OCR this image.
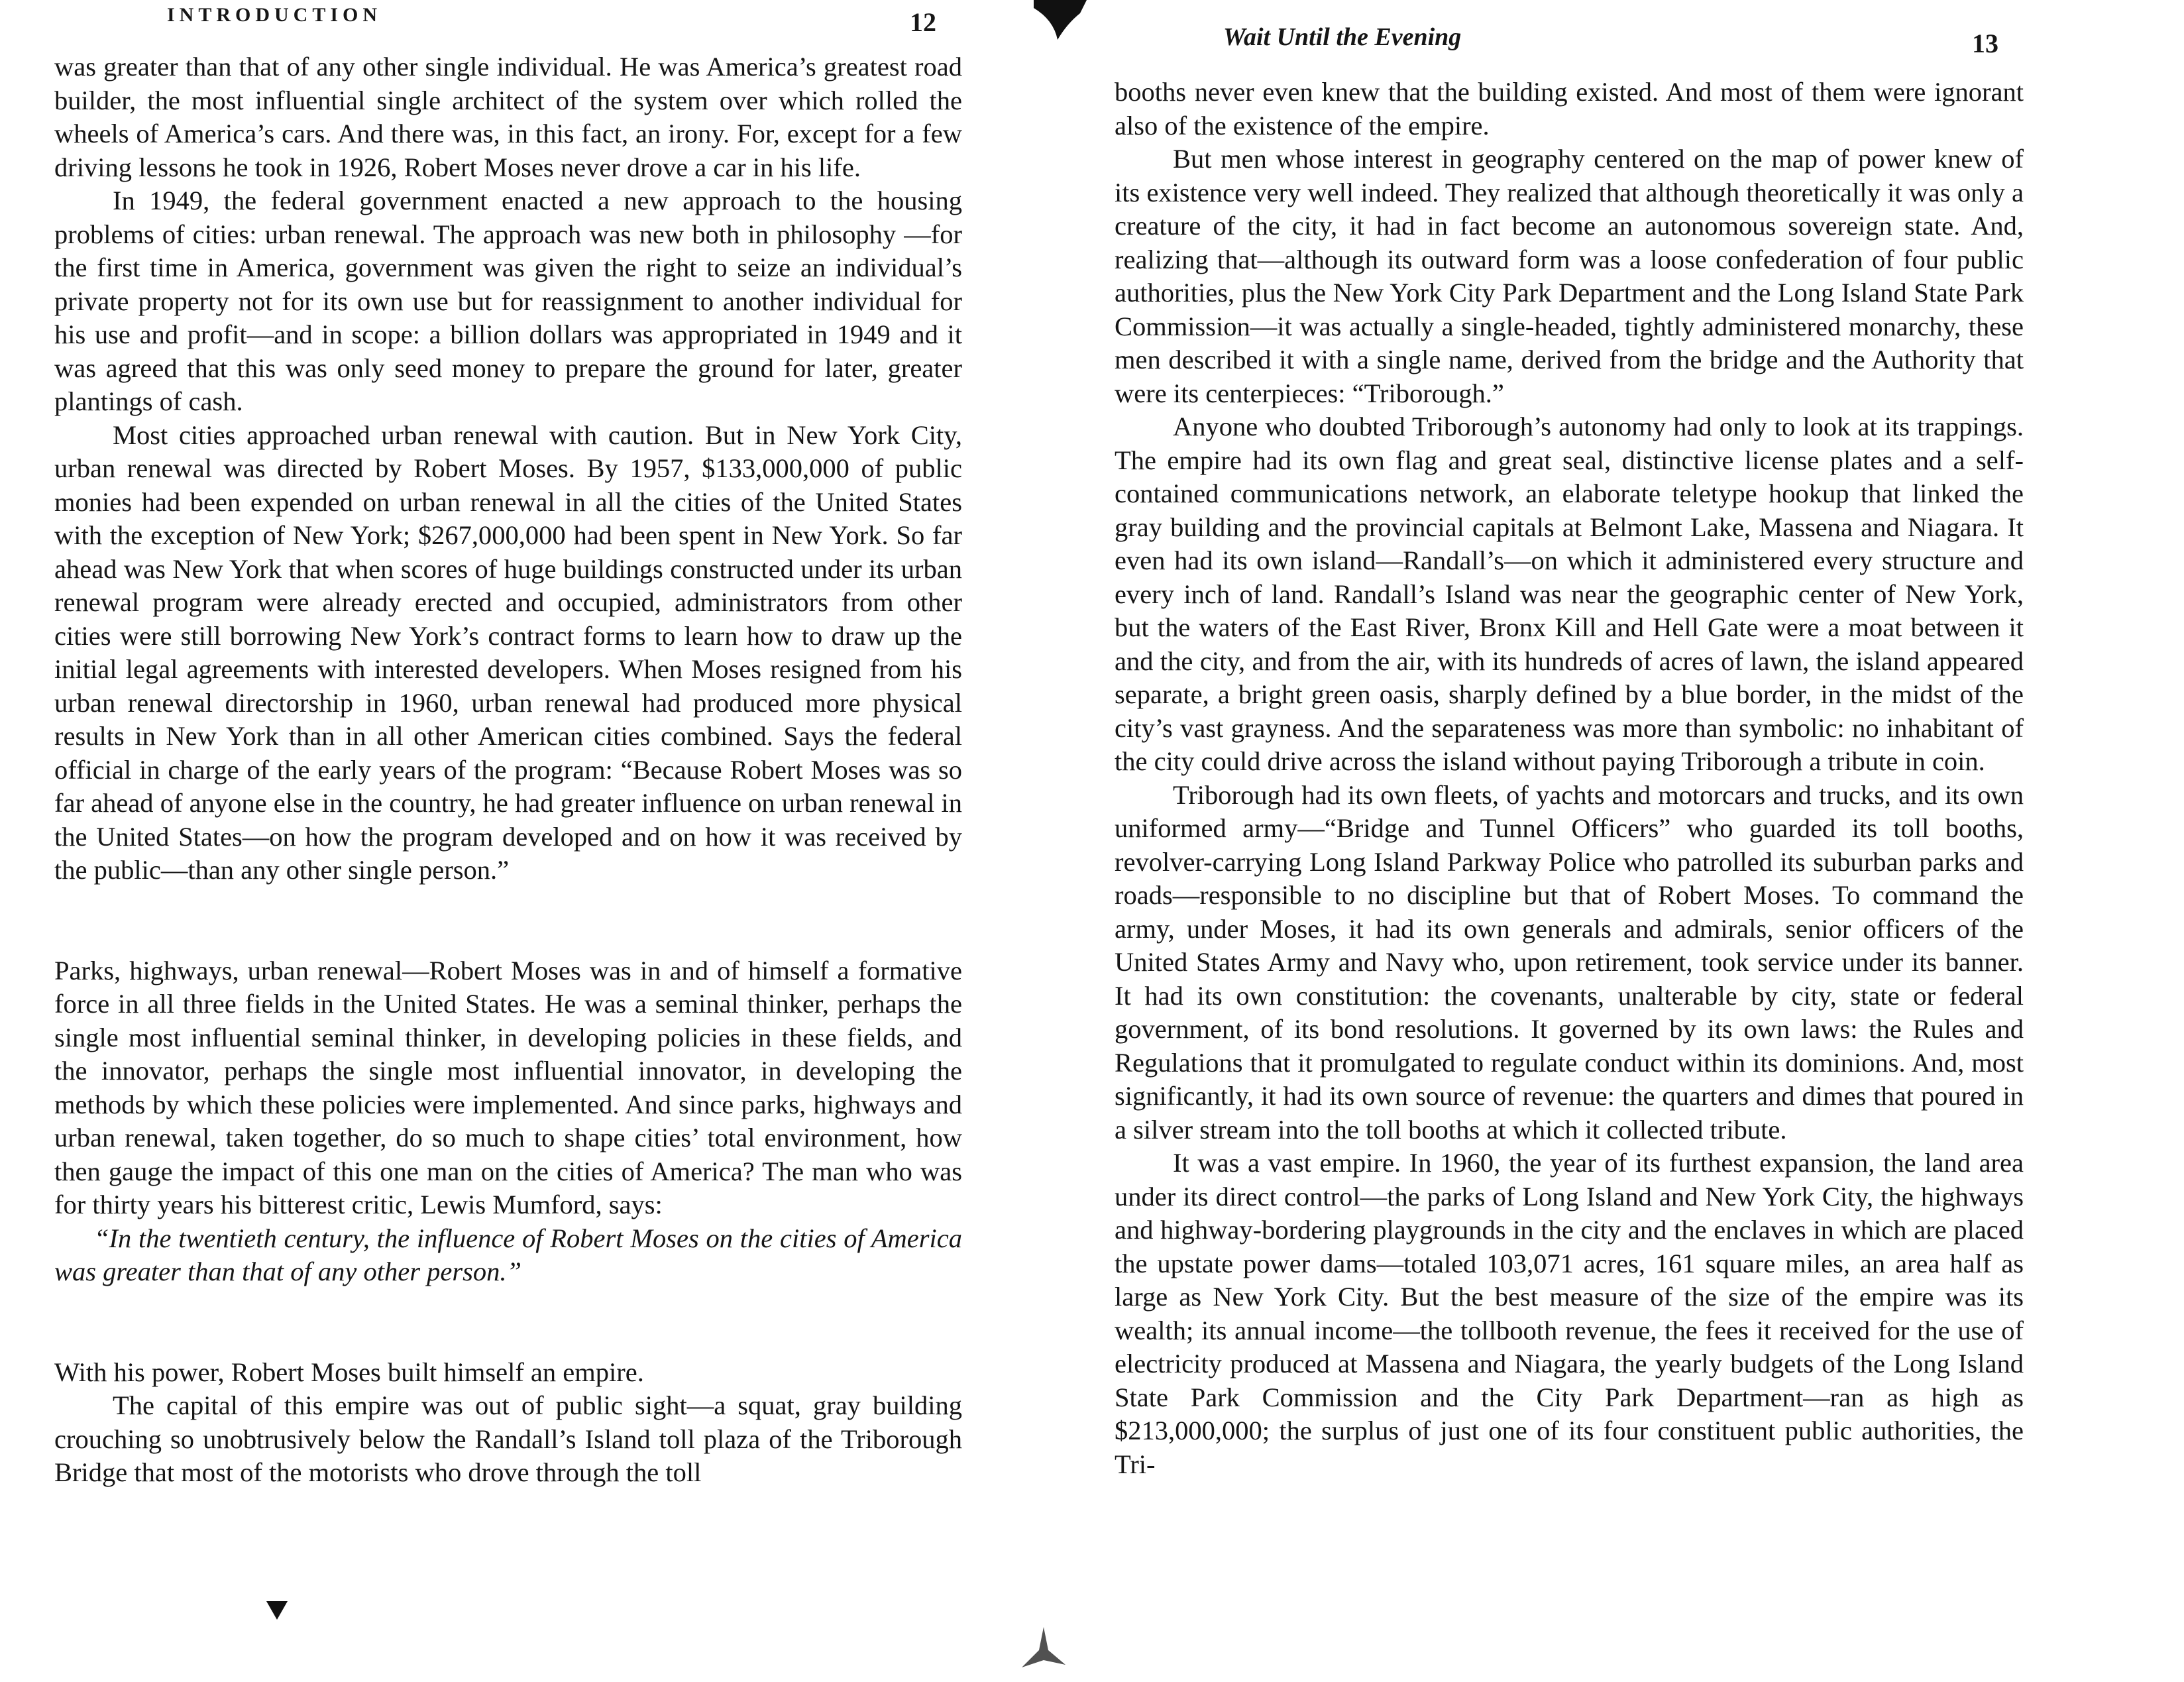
INTRODUCTION	12

was greater than that of any other single individual. He was America’s greatest road builder, the most influential single architect of the system over which rolled the wheels of America’s cars. And there was, in this fact, an irony. For, except for a few driving lessons he took in 1926, Robert Moses never drove a car in his life.

In 1949, the federal government enacted a new approach to the housing problems of cities: urban renewal. The approach was new both in philosophy —for the first time in America, government was given the right to seize an individual’s private property not for its own use but for reassignment to another individual for his use and profit—and in scope: a billion dollars was appropriated in 1949 and it was agreed that this was only seed money to prepare the ground for later, greater plantings of cash.

Most cities approached urban renewal with caution. But in New York City, urban renewal was directed by Robert Moses. By 1957, $133,000,000 of public monies had been expended on urban renewal in all the cities of the United States with the exception of New York; $267,000,000 had been spent in New York. So far ahead was New York that when scores of huge buildings constructed under its urban renewal program were already erected and occupied, administrators from other cities were still borrowing New York’s contract forms to learn how to draw up the initial legal agreements with interested developers. When Moses resigned from his urban renewal directorship in 1960, urban renewal had produced more physical results in New York than in all other American cities combined. Says the federal official in charge of the early years of the program: “Because Robert Moses was so far ahead of anyone else in the country, he had greater influence on urban renewal in the United States—on how the program developed and on how it was received by the public—than any other single person.”

Parks, highways, urban renewal—Robert Moses was in and of himself a formative force in all three fields in the United States. He was a seminal thinker, perhaps the single most influential seminal thinker, in developing policies in these fields, and the innovator, perhaps the single most influential innovator, in developing the methods by which these policies were implemented. And since parks, highways and urban renewal, taken together, do so much to shape cities’ total environment, how then gauge the impact of this one man on the cities of America? The man who was for thirty years his bitterest critic, Lewis Mumford, says:

“In the twentieth century, the influence of Robert Moses on the cities of America was greater than that of any other person.”

With his power, Robert Moses built himself an empire.

The capital of this empire was out of public sight—a squat, gray building crouching so unobtrusively below the Randall’s Island toll plaza of the Triborough Bridge that most of the motorists who drove through the toll

Wait Until the Evening	13

booths never even knew that the building existed. And most of them were ignorant also of the existence of the empire.

But men whose interest in geography centered on the map of power knew of its existence very well indeed. They realized that although theoretically it was only a creature of the city, it had in fact become an autonomous sovereign state. And, realizing that—although its outward form was a loose confederation of four public authorities, plus the New York City Park Department and the Long Island State Park Commission—it was actually a single-headed, tightly administered monarchy, these men described it with a single name, derived from the bridge and the Authority that were its centerpieces: “Triborough.”

Anyone who doubted Triborough’s autonomy had only to look at its trappings. The empire had its own flag and great seal, distinctive license plates and a self-contained communications network, an elaborate teletype hookup that linked the gray building and the provincial capitals at Belmont Lake, Massena and Niagara. It even had its own island—Randall’s—on which it administered every structure and every inch of land. Randall’s Island was near the geographic center of New York, but the waters of the East River, Bronx Kill and Hell Gate were a moat between it and the city, and from the air, with its hundreds of acres of lawn, the island appeared separate, a bright green oasis, sharply defined by a blue border, in the midst of the city’s vast grayness. And the separateness was more than symbolic: no inhabitant of the city could drive across the island without paying Triborough a tribute in coin.

Triborough had its own fleets, of yachts and motorcars and trucks, and its own uniformed army—“Bridge and Tunnel Officers” who guarded its toll booths, revolver-carrying Long Island Parkway Police who patrolled its suburban parks and roads—responsible to no discipline but that of Robert Moses. To command the army, under Moses, it had its own generals and admirals, senior officers of the United States Army and Navy who, upon retirement, took service under its banner. It had its own constitution: the covenants, unalterable by city, state or federal government, of its bond resolutions. It governed by its own laws: the Rules and Regulations that it promulgated to regulate conduct within its dominions. And, most significantly, it had its own source of revenue: the quarters and dimes that poured in a silver stream into the toll booths at which it collected tribute.

It was a vast empire. In 1960, the year of its furthest expansion, the land area under its direct control—the parks of Long Island and New York City, the highways and highway-bordering playgrounds in the city and the enclaves in which are placed the upstate power dams—totaled 103,071 acres, 161 square miles, an area half as large as New York City. But the best measure of the size of the empire was its wealth; its annual income—the tollbooth revenue, the fees it received for the use of electricity produced at Massena and Niagara, the yearly budgets of the Long Island State Park Commission and the City Park Department—ran as high as $213,000,000; the surplus of just one of its four constituent public authorities, the Tri-
